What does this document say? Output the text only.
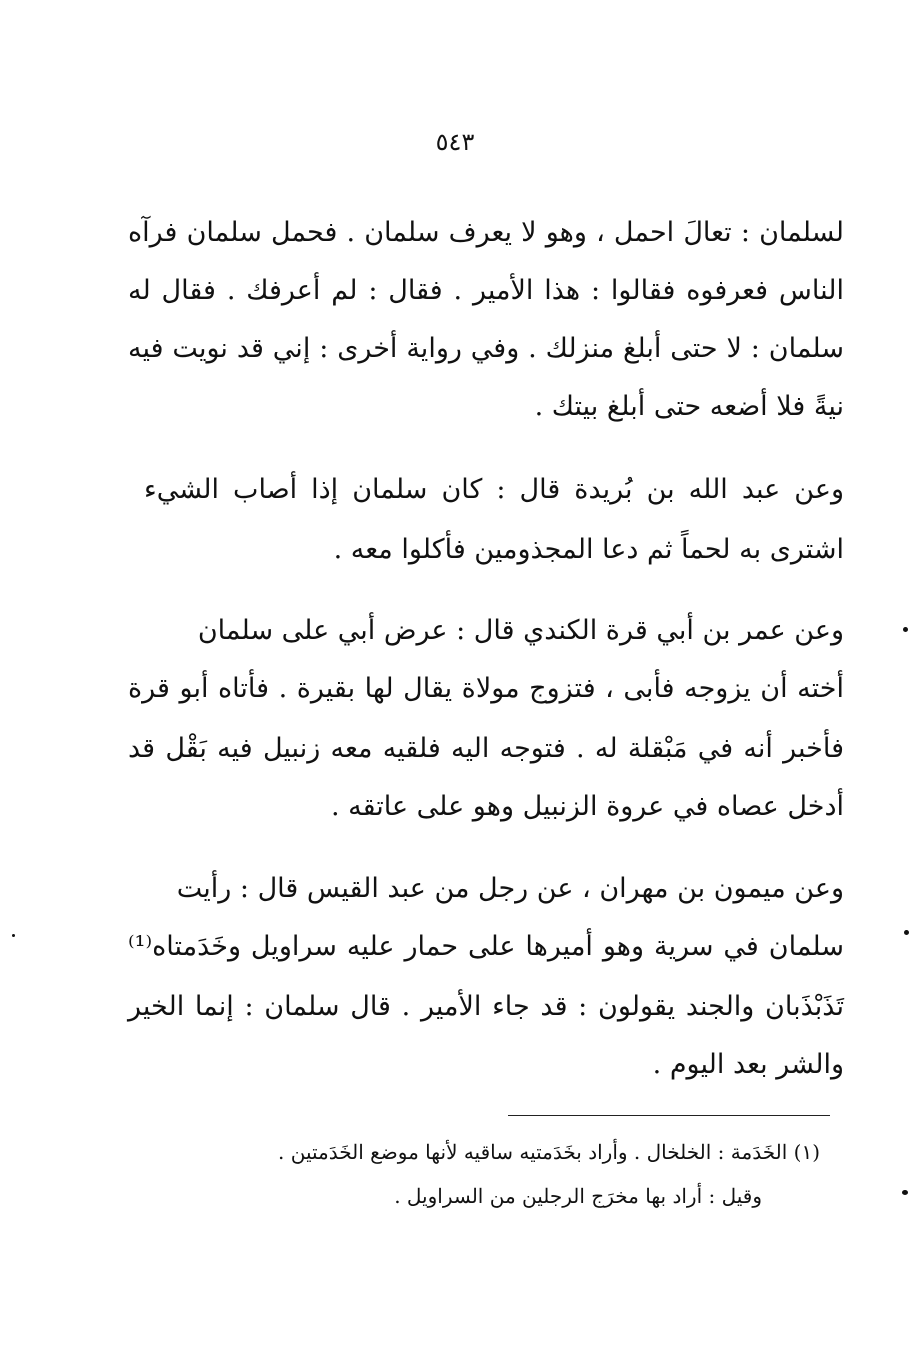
٥٤٣
لسلمان : تعالَ احمل ، وهو لا يعرف سلمان . فحمل سلمان فرآه
الناس فعرفوه فقالوا : هذا الأمير . فقال : لم أعرفك . فقال له
سلمان : لا حتى أبلغ منزلك . وفي رواية أخرى : إني قد نويت فيه
نيةً فلا أضعه حتى أبلغ بيتك .
وعن عبد الله بن بُريدة قال : كان سلمان إذا أصاب الشيء
اشترى به لحماً ثم دعا المجذومين فأكلوا معه .
وعن عمر بن أبي قرة الكندي قال : عرض أبي على سلمان
أخته أن يزوجه فأبى ، فتزوج مولاة يقال لها بقيرة . فأتاه أبو قرة
فأخبر أنه في مَبْقلة له . فتوجه اليه فلقيه معه زنبيل فيه بَقْل قد
أدخل عصاه في عروة الزنبيل وهو على عاتقه .
وعن ميمون بن مهران ، عن رجل من عبد القيس قال : رأيت
سلمان في سرية وهو أميرها على حمار عليه سراويل وخَدَمتاه⁽¹⁾
تَذَبْذَبان والجند يقولون : قد جاء الأمير . قال سلمان : إنما الخير
والشر بعد اليوم .
(١) الخَدَمة : الخلخال . وأراد بخَدَمتيه ساقيه لأنها موضع الخَدَمتين .
وقيل : أراد بها مخرَج الرجلين من السراويل .
